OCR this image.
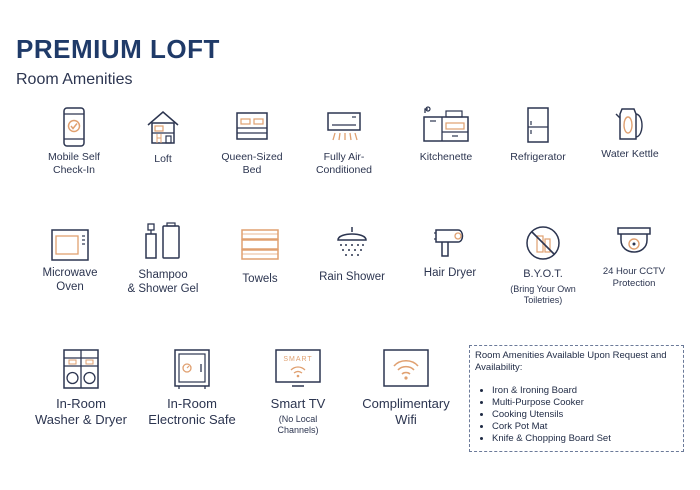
PREMIUM LOFT
Room Amenities
Mobile Self
Check-In
Loft	Queen-Sized
Bed
Fully Air-
Conditioned
Kitchenette	Refrigerator	Water Kettle
Microwave
Oven
Shampoo
& Shower Gel
Towels	Rain Shower	Hair Dryer	B.Y.O.T.
(Bring Your Own
Toiletries)
24 Hour CCTV
Protection
In-Room
Washer & Dryer
In-Room
Electronic Safe
SMART
Smart TV
(No Local
Channels)
Complimentary
Wifi
Room Amenities Available Upon Request and Availability:
• Iron & Ironing Board
• Multi-Purpose Cooker
• Cooking Utensils
• Cork Pot Mat
• Knife & Chopping Board Set
